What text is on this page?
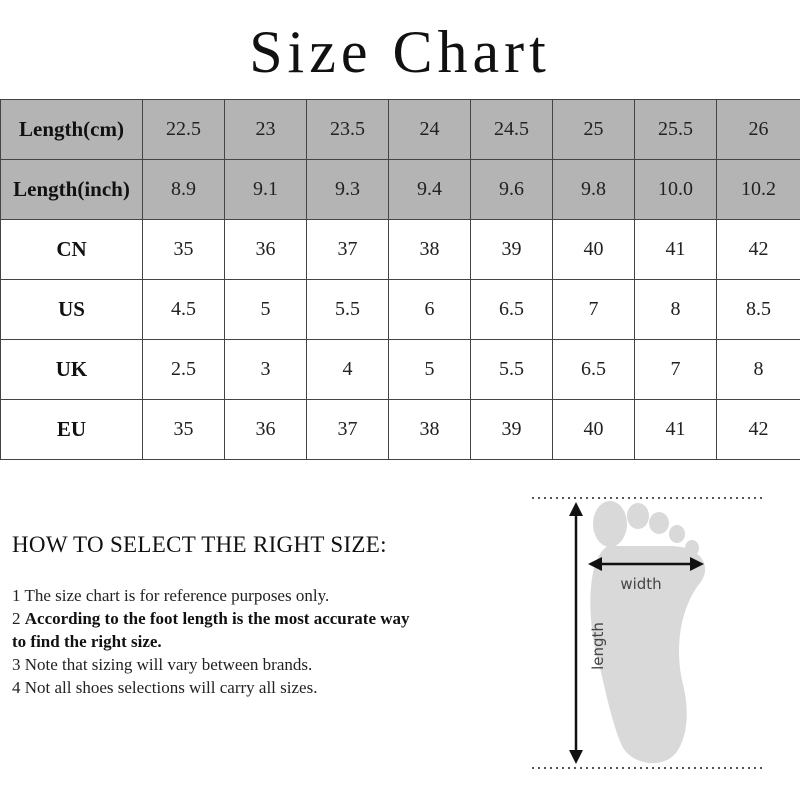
Size Chart
Length(cm)	22.5	23	23.5	24	24.5	25	25.5	26
Length(inch)	8.9	9.1	9.3	9.4	9.6	9.8	10.0	10.2
CN	35	36	37	38	39	40	41	42
US	4.5	5	5.5	6	6.5	7	8	8.5
UK	2.5	3	4	5	5.5	6.5	7	8
EU	35	36	37	38	39	40	41	42
HOW TO SELECT THE RIGHT SIZE:

1 The size chart is for reference purposes only.

2 According to the foot length is the most accurate way to find the right size.

3 Note that sizing will vary between brands.

4 Not all shoes selections will carry all sizes.

width
length
